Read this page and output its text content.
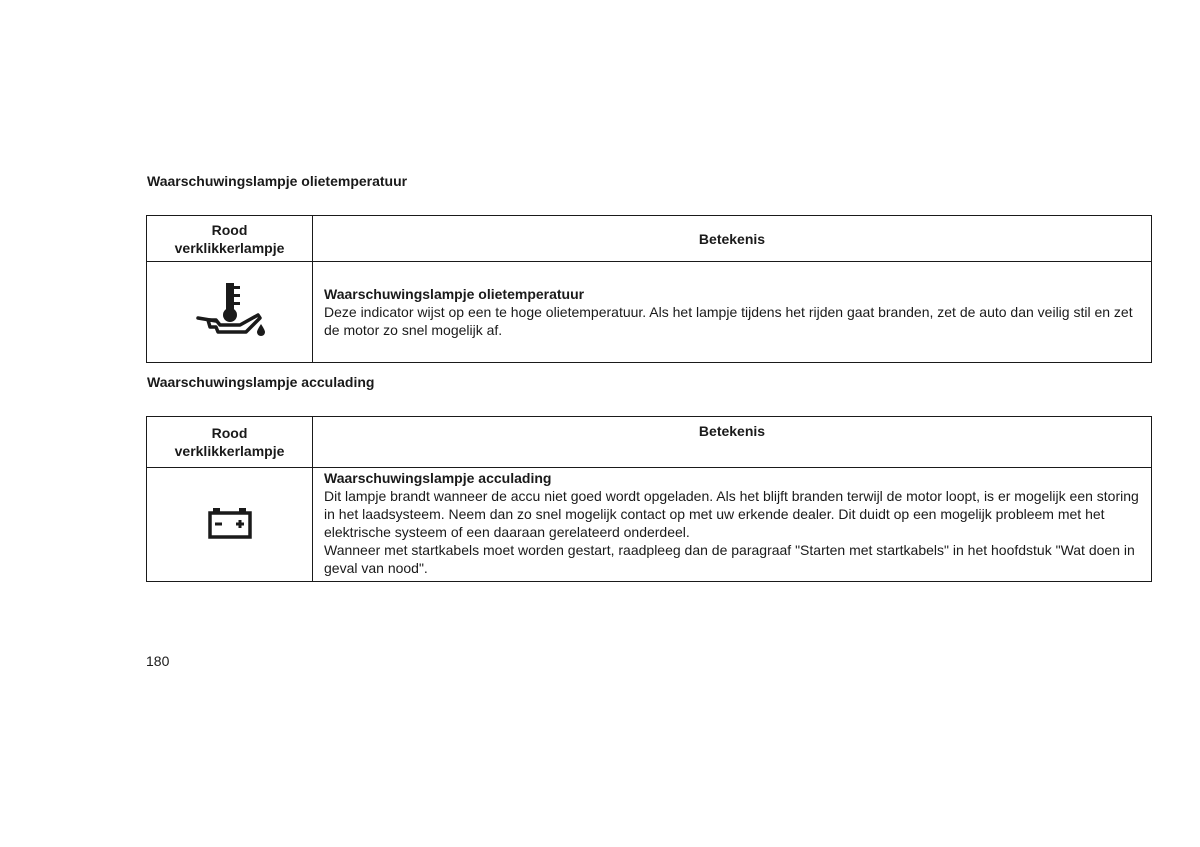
Waarschuwingslampje olietemperatuur
Rood
verklikkerlampje	Betekenis

Waarschuwingslampje olietemperatuur
Deze indicator wijst op een te hoge olietemperatuur. Als het lampje tijdens het rijden gaat branden, zet de auto dan veilig stil en zet de motor zo snel mogelijk af.
Waarschuwingslampje acculading
Rood
verklikkerlampje	Betekenis

Waarschuwingslampje acculading
Dit lampje brandt wanneer de accu niet goed wordt opgeladen. Als het blijft branden terwijl de motor loopt, is er mogelijk een storing in het laadsysteem. Neem dan zo snel mogelijk contact op met uw erkende dealer. Dit duidt op een mogelijk probleem met het elektrische systeem of een daaraan gerelateerd onderdeel.
Wanneer met startkabels moet worden gestart, raadpleeg dan de paragraaf "Starten met startkabels" in het hoofdstuk "Wat doen in geval van nood".
180
